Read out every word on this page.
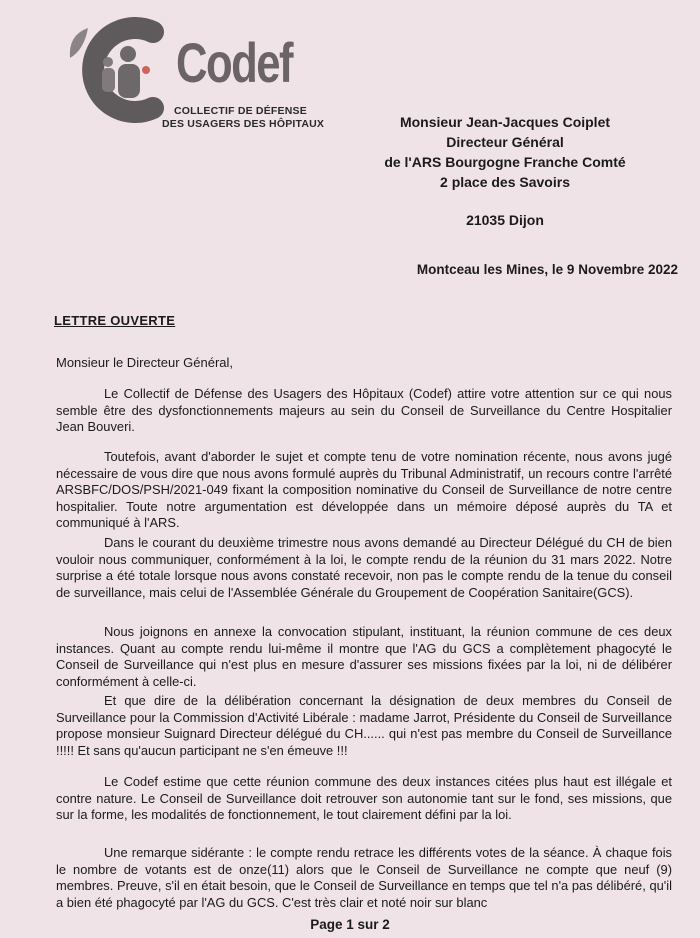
Codef
COLLECTIF DE DÉFENSE
DES USAGERS DES HÔPITAUX	Monsieur Jean-Jacques Coiplet
Directeur Général
de l'ARS Bourgogne Franche Comté
2 place des Savoirs
21035 Dijon
Montceau les Mines, le 9 Novembre 2022
LETTRE OUVERTE
Monsieur le Directeur Général,

Le Collectif de Défense des Usagers des Hôpitaux (Codef) attire votre attention sur ce qui nous semble être des dysfonctionnements majeurs au sein du Conseil de Surveillance du Centre Hospitalier Jean Bouveri.

Toutefois, avant d'aborder le sujet et compte tenu de votre nomination récente, nous avons jugé nécessaire de vous dire que nous avons formulé auprès du Tribunal Administratif, un recours contre l'arrêté ARSBFC/DOS/PSH/2021-049 fixant la composition nominative du Conseil de Surveillance de notre centre hospitalier. Toute notre argumentation est développée dans un mémoire déposé auprès du TA et communiqué à l'ARS.

Dans le courant du deuxième trimestre nous avons demandé au Directeur Délégué du CH de bien vouloir nous communiquer, conformément à la loi, le compte rendu de la réunion du 31 mars 2022. Notre surprise a été totale lorsque nous avons constaté recevoir, non pas le compte rendu de la tenue du conseil de surveillance, mais celui de l'Assemblée Générale du Groupement de Coopération Sanitaire(GCS).

Nous joignons en annexe la convocation stipulant, instituant, la réunion commune de ces deux instances. Quant au compte rendu lui-même il montre que l'AG du GCS a complètement phagocyté le Conseil de Surveillance qui n'est plus en mesure d'assurer ses missions fixées par la loi, ni de délibérer conformément à celle-ci.

Et que dire de la délibération concernant la désignation de deux membres du Conseil de Surveillance pour la Commission d'Activité Libérale : madame Jarrot, Présidente du Conseil de Surveillance propose monsieur Suignard Directeur délégué du CH...... qui n'est pas membre du Conseil de Surveillance !!!!! Et sans qu'aucun participant ne s'en émeuve !!!

Le Codef estime que cette réunion commune des deux instances citées plus haut est illégale et contre nature. Le Conseil de Surveillance doit retrouver son autonomie tant sur le fond, ses missions, que sur la forme, les modalités de fonctionnement, le tout clairement défini par la loi.

Une remarque sidérante : le compte rendu retrace les différents votes de la séance. À chaque fois le nombre de votants est de onze(11) alors que le Conseil de Surveillance ne compte que neuf (9) membres. Preuve, s'il en était besoin, que le Conseil de Surveillance en temps que tel n'a pas délibéré, qu'il a bien été phagocyté par l'AG du GCS. C'est très clair et noté noir sur blanc

Page 1 sur 2
